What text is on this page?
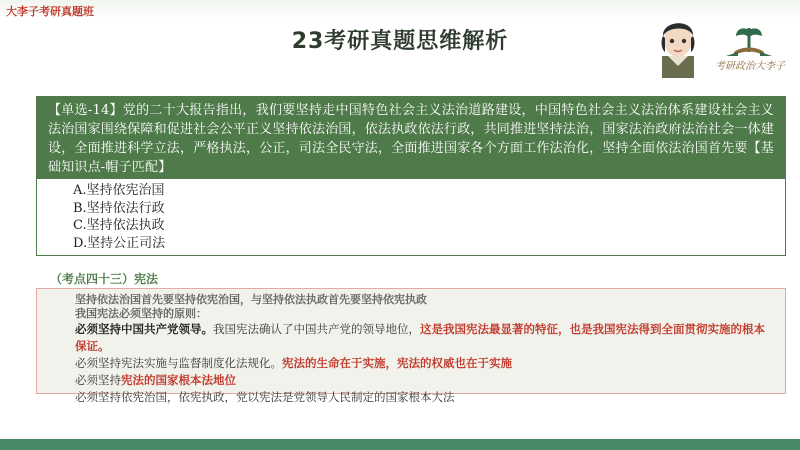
大李子考研真题班
23考研真题思维解析
考研政治大李子
【单选-14】党的二十大报告指出，我们要坚持走中国特色社会主义法治道路建设，中国特色社会主义法治体系建设社会主义法治国家围绕保障和促进社会公平正义坚持依法治国，依法执政依法行政，共同推进坚持法治，国家法治政府法治社会一体建设，全面推进科学立法，严格执法，公正，司法全民守法，全面推进国家各个方面工作法治化，坚持全面依法治国首先要【基础知识点-帽子匹配】
A.坚持依宪治国
B.坚持依法行政
C.坚持依法执政
D.坚持公正司法
（考点四十三）宪法
坚持依法治国首先要坚持依宪治国，与坚持依法执政首先要坚持依宪执政
我国宪法必须坚持的原则：
必须坚持中国共产党领导。我国宪法确认了中国共产党的领导地位，这是我国宪法最显著的特征，也是我国宪法得到全面贯彻实施的根本保证。
必须坚持宪法实施与监督制度化法规化。宪法的生命在于实施，宪法的权威也在于实施
必须坚持宪法的国家根本法地位
必须坚持依宪治国，依宪执政，党以宪法是党领导人民制定的国家根本大法
